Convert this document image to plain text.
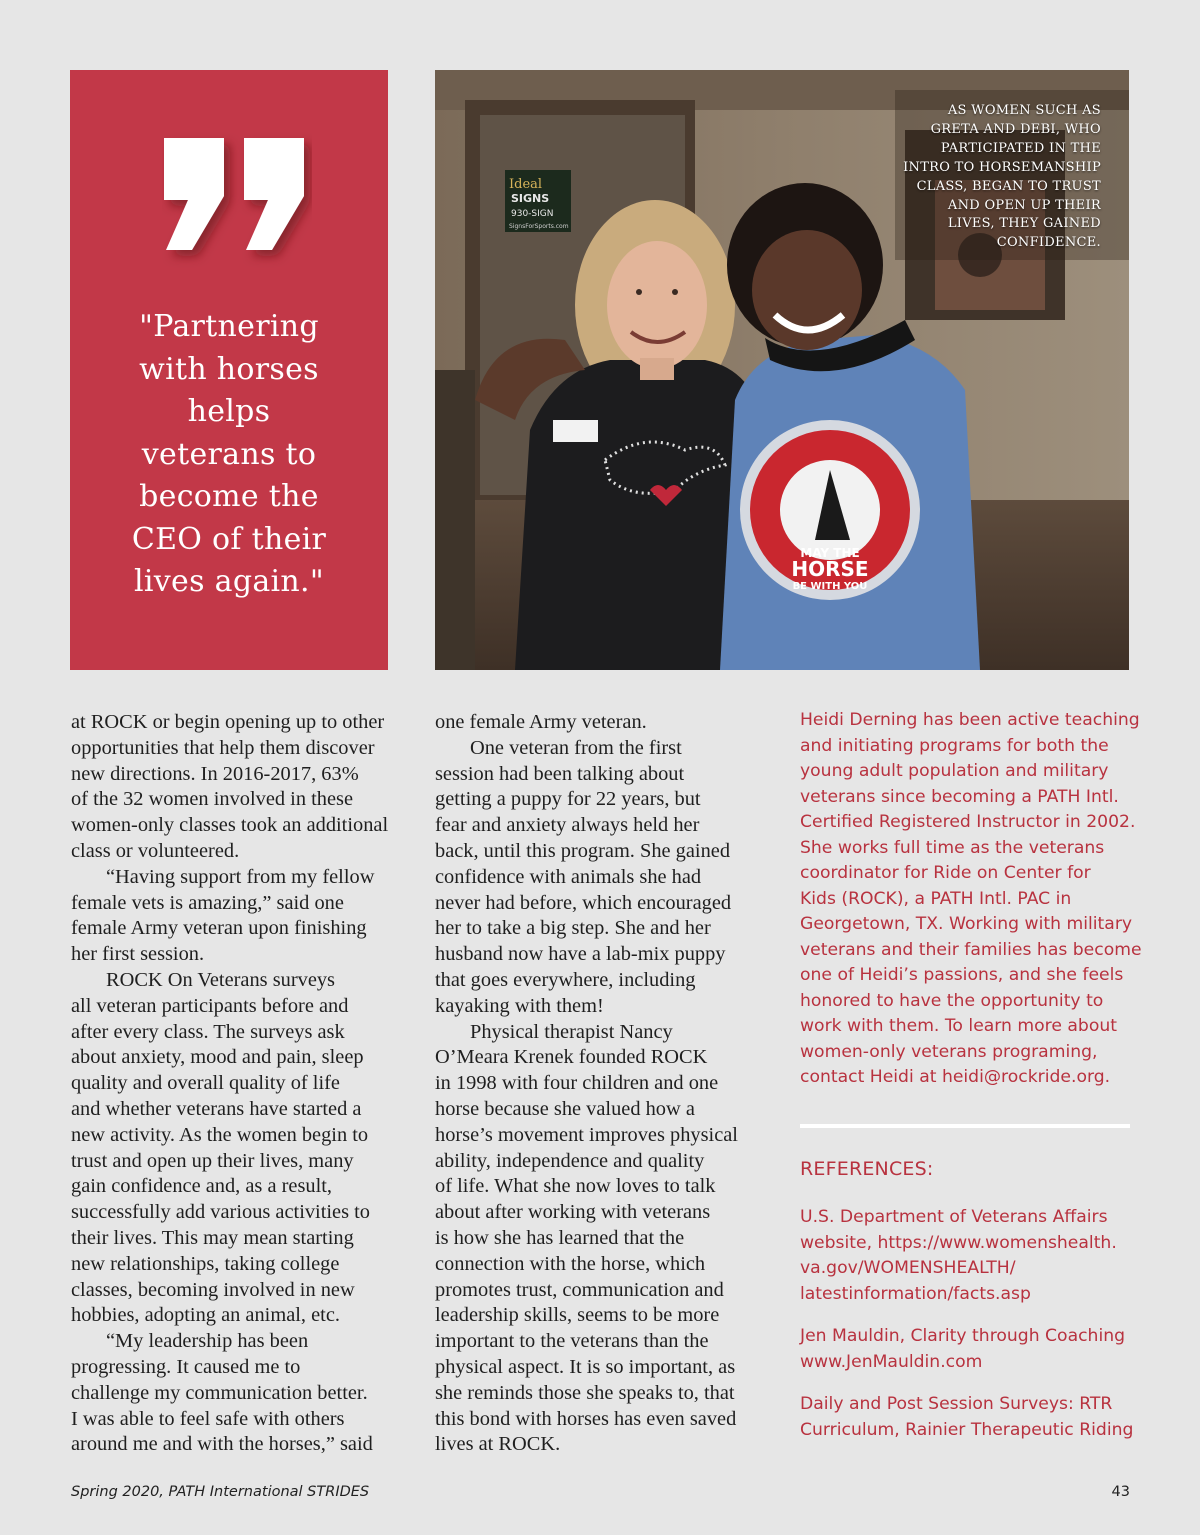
"Partnering
with horses
helps
veterans to
become the
CEO of their
lives again."
Ideal
SIGNS
930-SIGN
SignsForSports.com
MAY THE
HORSE
BE WITH YOU
AS WOMEN SUCH AS
GRETA AND DEBI, WHO
PARTICIPATED IN THE
INTRO TO HORSEMANSHIP
CLASS, BEGAN TO TRUST
AND OPEN UP THEIR
LIVES, THEY GAINED
CONFIDENCE.
at ROCK or begin opening up to other
opportunities that help them discover
new directions. In 2016-2017, 63%
of the 32 women involved in these
women-only classes took an additional
class or volunteered.
“Having support from my fellow
female vets is amazing,” said one
female Army veteran upon finishing
her first session.
ROCK On Veterans surveys
all veteran participants before and
after every class. The surveys ask
about anxiety, mood and pain, sleep
quality and overall quality of life
and whether veterans have started a
new activity. As the women begin to
trust and open up their lives, many
gain confidence and, as a result,
successfully add various activities to
their lives. This may mean starting
new relationships, taking college
classes, becoming involved in new
hobbies, adopting an animal, etc.
“My leadership has been
progressing. It caused me to
challenge my communication better.
I was able to feel safe with others
around me and with the horses,” said
one female Army veteran.
One veteran from the first
session had been talking about
getting a puppy for 22 years, but
fear and anxiety always held her
back, until this program. She gained
confidence with animals she had
never had before, which encouraged
her to take a big step. She and her
husband now have a lab-mix puppy
that goes everywhere, including
kayaking with them!
Physical therapist Nancy
O’Meara Krenek founded ROCK
in 1998 with four children and one
horse because she valued how a
horse’s movement improves physical
ability, independence and quality
of life. What she now loves to talk
about after working with veterans
is how she has learned that the
connection with the horse, which
promotes trust, communication and
leadership skills, seems to be more
important to the veterans than the
physical aspect. It is so important, as
she reminds those she speaks to, that
this bond with horses has even saved
lives at ROCK.
Heidi Derning has been active teaching
and initiating programs for both the
young adult population and military
veterans since becoming a PATH Intl.
Certified Registered Instructor in 2002.
She works full time as the veterans
coordinator for Ride on Center for
Kids (ROCK), a PATH Intl. PAC in
Georgetown, TX. Working with military
veterans and their families has become
one of Heidi’s passions, and she feels
honored to have the opportunity to
work with them. To learn more about
women-only veterans programing,
contact Heidi at heidi@rockride.org.
REFERENCES:
U.S. Department of Veterans Affairs
website, https://www.womenshealth.
va.gov/WOMENSHEALTH/
latestinformation/facts.asp
Jen Mauldin, Clarity through Coaching
www.JenMauldin.com
Daily and Post Session Surveys: RTR
Curriculum, Rainier Therapeutic Riding
Spring 2020, PATH International STRIDES	43
